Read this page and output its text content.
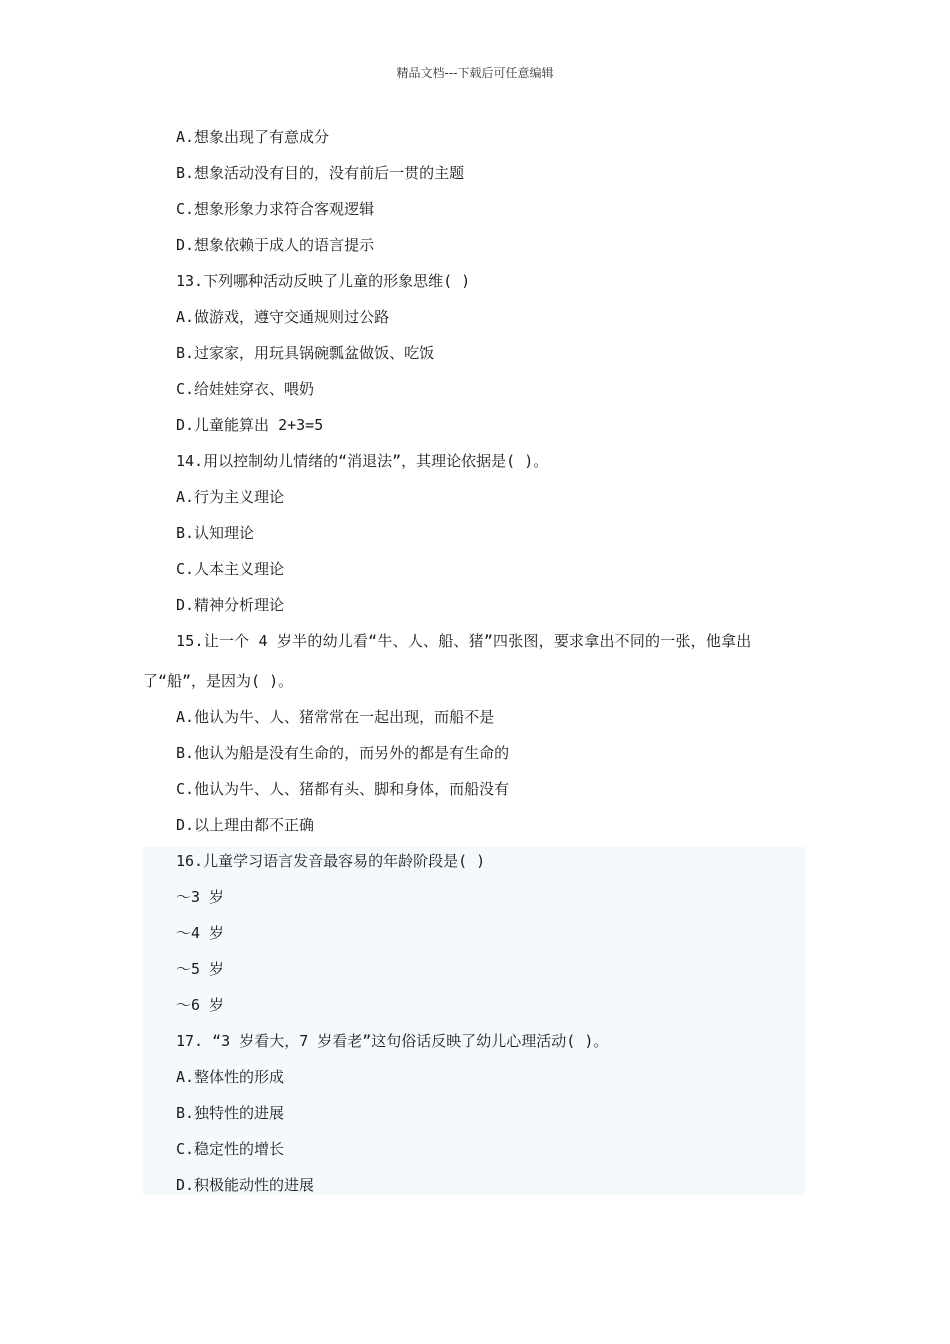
精品文档---下载后可任意编辑
A.想象出现了有意成分
B.想象活动没有目的，没有前后一贯的主题
C.想象形象力求符合客观逻辑
D.想象依赖于成人的语言提示
13.下列哪种活动反映了儿童的形象思维( )
A.做游戏，遵守交通规则过公路
B.过家家，用玩具锅碗瓢盆做饭、吃饭
C.给娃娃穿衣、喂奶
D.儿童能算出 2+3=5
14.用以控制幼儿情绪的“消退法”，其理论依据是( )。
A.行为主义理论
B.认知理论
C.人本主义理论
D.精神分析理论
15.让一个 4 岁半的幼儿看“牛、人、船、猪”四张图，要求拿出不同的一张，他拿出
了“船”，是因为( )。
A.他认为牛、人、猪常常在一起出现，而船不是
B.他认为船是没有生命的，而另外的都是有生命的
C.他认为牛、人、猪都有头、脚和身体，而船没有
D.以上理由都不正确
16.儿童学习语言发音最容易的年龄阶段是( )
～3 岁
～4 岁
～5 岁
～6 岁
17. “3 岁看大，7 岁看老”这句俗话反映了幼儿心理活动( )。
A.整体性的形成
B.独特性的进展
C.稳定性的增长
D.积极能动性的进展
